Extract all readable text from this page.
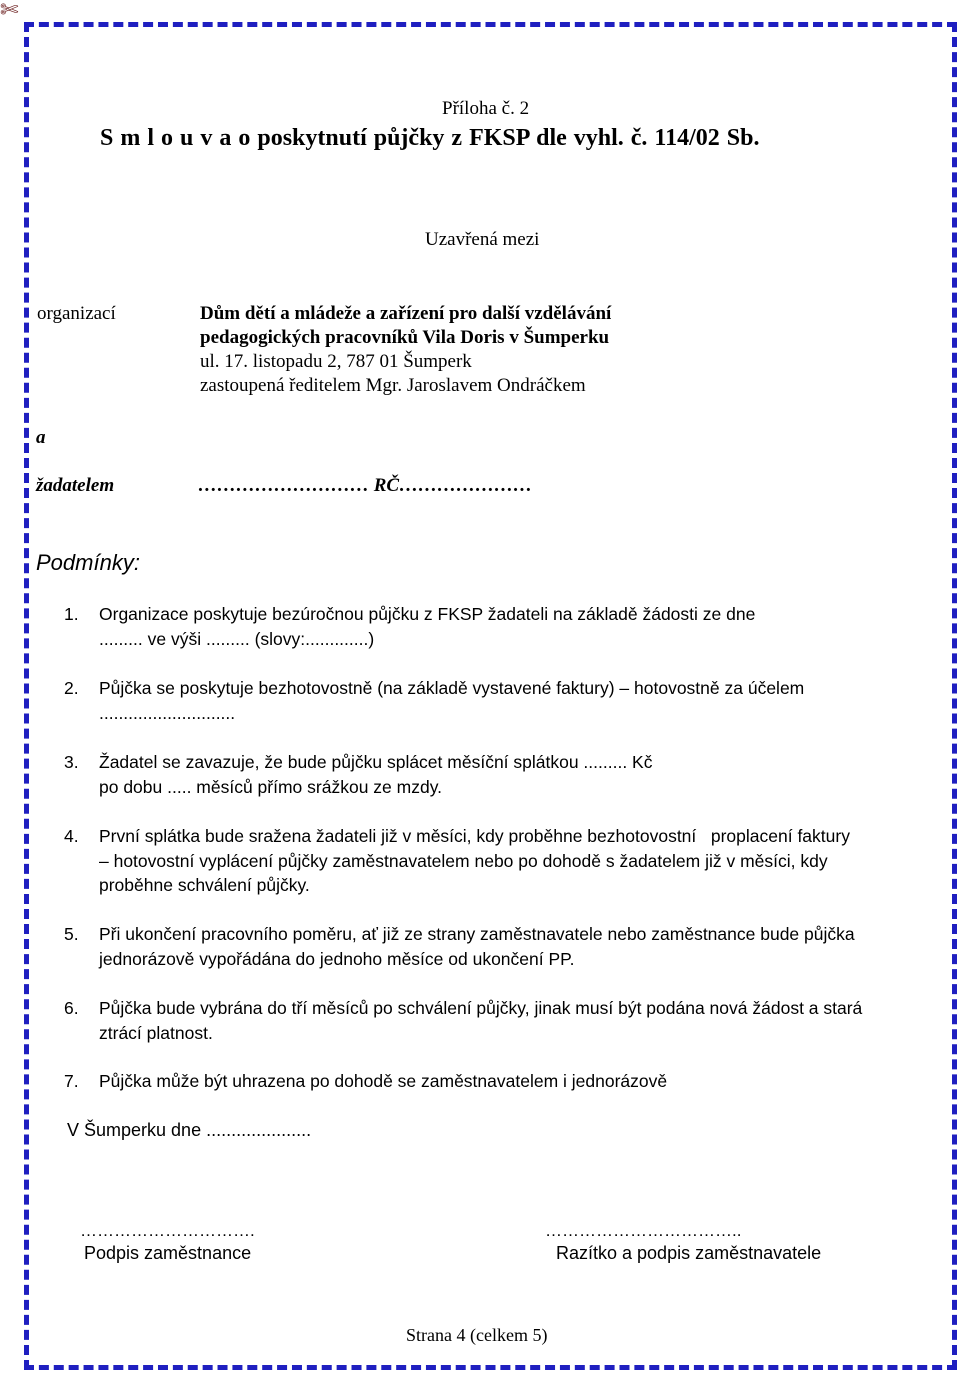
✄
Příloha č. 2
S m l o u v a o poskytnutí půjčky z FKSP dle vyhl. č. 114/02 Sb.
Uzavřená mezi
organizací	Dům dětí a mládeže a zařízení pro další vzdělávání
pedagogických pracovníků Vila Doris v Šumperku
ul. 17. listopadu 2, 787 01 Šumperk
zastoupená ředitelem Mgr. Jaroslavem Ondráčkem
a
žadatelem	……………………… RČ…………………
Podmínky:
1. Organizace poskytuje bezúročnou půjčku z FKSP žadateli na základě žádosti ze dne
......... ve výši ......... (slovy:.............)
2. Půjčka se poskytuje bezhotovostně (na základě vystavené faktury) – hotovostně za účelem
............................
3. Žadatel se zavazuje, že bude půjčku splácet měsíční splátkou ......... Kč
po dobu ..... měsíců přímo srážkou ze mzdy.
4. První splátka bude sražena žadateli již v měsíci, kdy proběhne bezhotovostní   proplacení faktury
– hotovostní vyplácení půjčky zaměstnavatelem nebo po dohodě s žadatelem již v měsíci, kdy
proběhne schválení půjčky.
5. Při ukončení pracovního poměru, ať již ze strany zaměstnavatele nebo zaměstnance bude půjčka
jednorázově vypořádána do jednoho měsíce od ukončení PP.
6. Půjčka bude vybrána do tří měsíců po schválení půjčky, jinak musí být podána nová žádost a stará
ztrácí platnost.
7. Půjčka může být uhrazena po dohodě se zaměstnavatelem i jednorázově
V Šumperku dne .....................
………………………….
Podpis zaměstnance
……………………………..
Razítko a podpis zaměstnavatele
Strana 4 (celkem 5)
